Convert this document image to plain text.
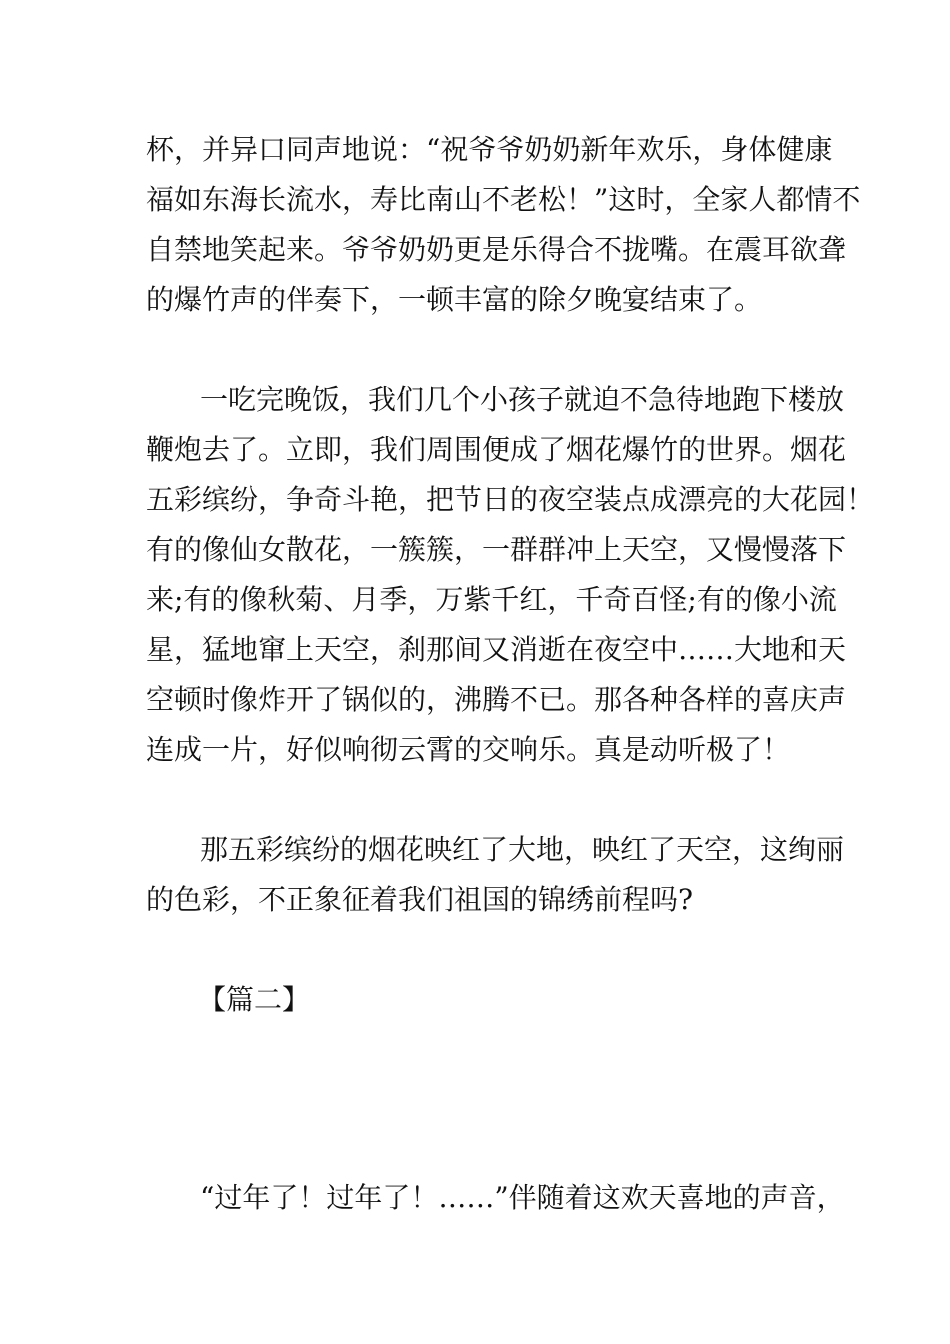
杯，并异口同声地说：“祝爷爷奶奶新年欢乐，身体健康

福如东海长流水，寿比南山不老松！”这时，全家人都情不

自禁地笑起来。爷爷奶奶更是乐得合不拢嘴。在震耳欲聋

的爆竹声的伴奏下，一顿丰富的除夕晚宴结束了。

一吃完晚饭，我们几个小孩子就迫不急待地跑下楼放

鞭炮去了。立即，我们周围便成了烟花爆竹的世界。烟花

五彩缤纷，争奇斗艳，把节日的夜空装点成漂亮的大花园！

有的像仙女散花，一簇簇，一群群冲上天空，又慢慢落下

来;有的像秋菊、月季，万紫千红，千奇百怪;有的像小流

星，猛地窜上天空，刹那间又消逝在夜空中……大地和天

空顿时像炸开了锅似的，沸腾不已。那各种各样的喜庆声

连成一片，好似响彻云霄的交响乐。真是动听极了！

那五彩缤纷的烟花映红了大地，映红了天空，这绚丽

的色彩，不正象征着我们祖国的锦绣前程吗?

【篇二】

“过年了！过年了！……”伴随着这欢天喜地的声音，
